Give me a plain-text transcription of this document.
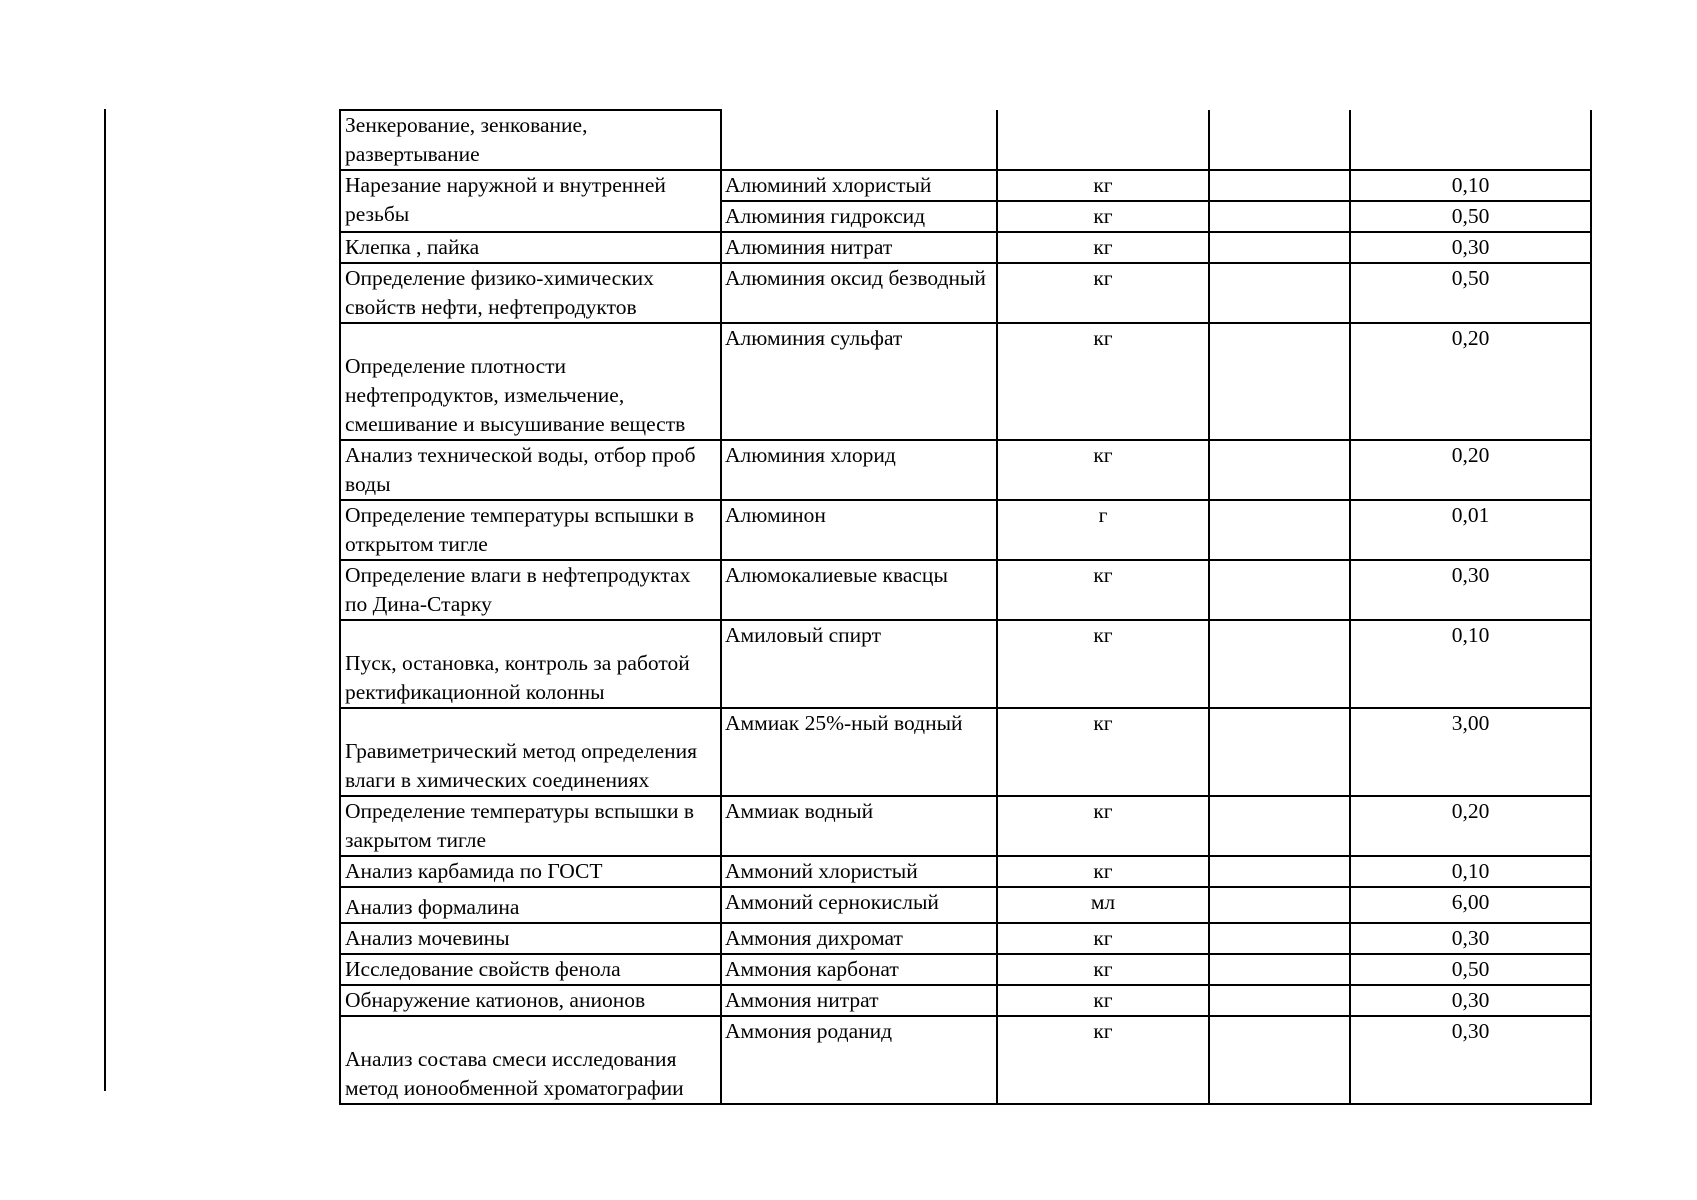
Зенкерование, зенкование, развертывание				
Нарезание наружной и внутренней резьбы	Алюминий хлористый	кг		0,10
	Алюминия гидроксид	кг		0,50
Клепка , пайка	Алюминия нитрат	кг		0,30
Определение физико-химических свойств нефти, нефтепродуктов	Алюминия оксид безводный	кг		0,50
Определение плотности нефтепродуктов, измельчение, смешивание и высушивание веществ	Алюминия сульфат	кг		0,20
Анализ технической воды, отбор проб воды	Алюминия хлорид	кг		0,20
Определение температуры вспышки в открытом тигле	Алюминон	г		0,01
Определение влаги в нефтепродуктах по Дина-Старку	Алюмокалиевые квасцы	кг		0,30
Пуск, остановка, контроль за работой ректификационной колонны	Амиловый спирт	кг		0,10
Гравиметрический метод определения влаги в химических соединениях	Аммиак 25%-ный водный	кг		3,00
Определение температуры вспышки в закрытом тигле	Аммиак водный	кг		0,20
Анализ карбамида по ГОСТ	Аммоний хлористый	кг		0,10
Анализ формалина	Аммоний сернокислый	мл		6,00
Анализ мочевины	Аммония дихромат	кг		0,30
Исследование свойств фенола	Аммония карбонат	кг		0,50
Обнаружение катионов, анионов	Аммония нитрат	кг		0,30
Анализ состава смеси исследования метод ионообменной хроматографии	Аммония роданид	кг		0,30
